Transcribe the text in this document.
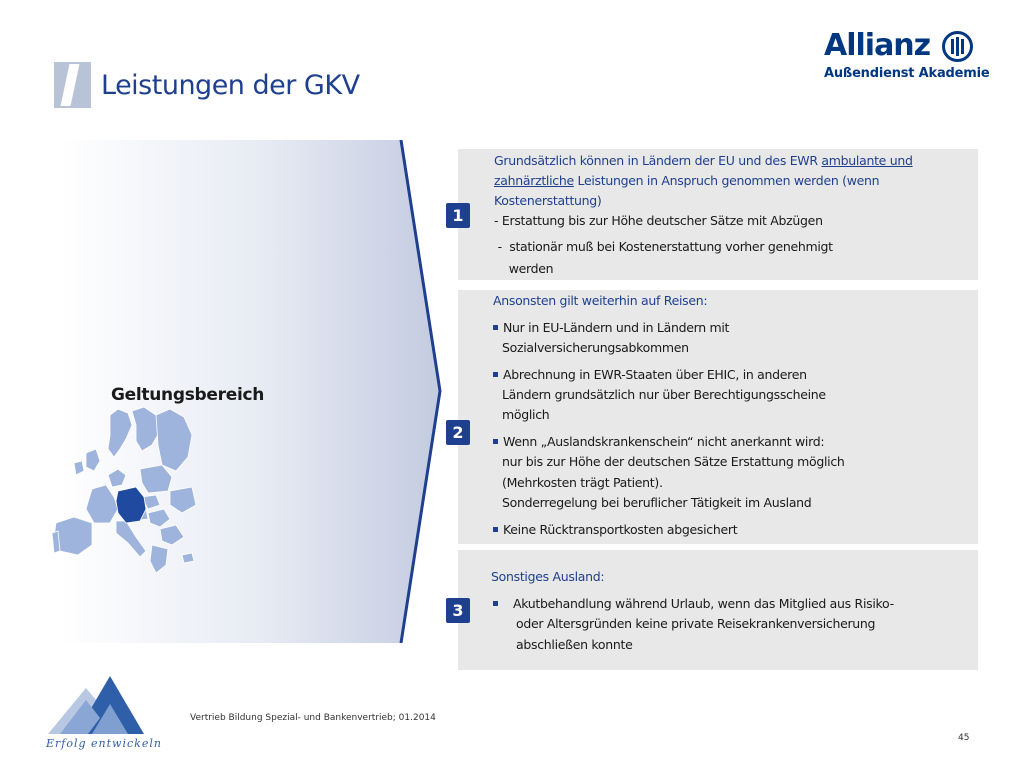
Leistungen der GKV
Allianz
Außendienst Akademie
Geltungsbereich
1
Grundsätzlich können in Ländern der EU und des EWR ambulante und
zahnärztliche Leistungen in Anspruch genommen werden (wenn
Kostenerstattung)
- Erstattung bis zur Höhe deutscher Sätze mit Abzügen
-  stationär muß bei Kostenerstattung vorher genehmigt
werden
2
Ansonsten gilt weiterhin auf Reisen:
Nur in EU-Ländern und in Ländern mit
Sozialversicherungsabkommen
Abrechnung in EWR-Staaten über EHIC, in anderen
Ländern grundsätzlich nur über Berechtigungsscheine
möglich
Wenn „Auslandskrankenschein“ nicht anerkannt wird:
nur bis zur Höhe der deutschen Sätze Erstattung möglich
(Mehrkosten trägt Patient).
Sonderregelung bei beruflicher Tätigkeit im Ausland
Keine Rücktransportkosten abgesichert
3
Sonstiges Ausland:
Akutbehandlung während Urlaub, wenn das Mitglied aus Risiko-
oder Altersgründen keine private Reisekrankenversicherung
abschließen konnte
Erfolg entwickeln
Vertrieb Bildung Spezial- und Bankenvertrieb; 01.2014
45
